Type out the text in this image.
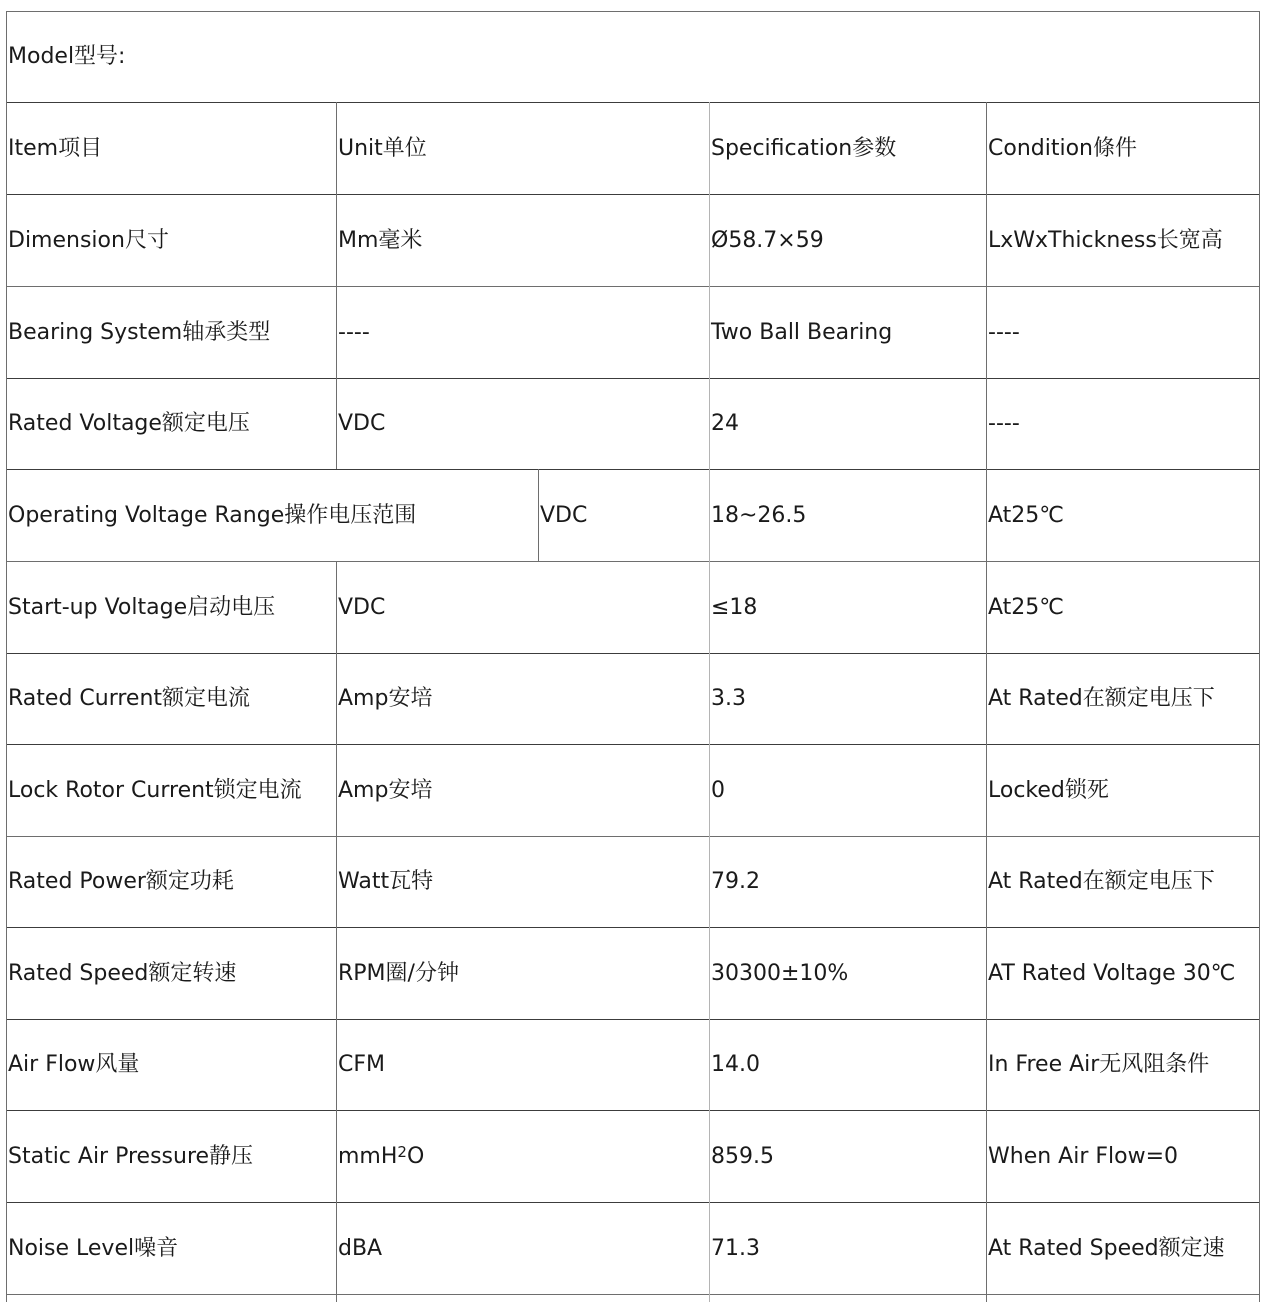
Model型号:
Item项目	Unit单位	Specification参数	Condition條件
Dimension尺寸	Mm毫米	Ø58.7×59	LxWxThickness长宽高
Bearing System轴承类型	----	Two Ball Bearing	----
Rated Voltage额定电压	VDC	24	----
Operating Voltage Range操作电压范围	VDC	18~26.5	At25℃
Start-up Voltage启动电压	VDC	≤18	At25℃
Rated Current额定电流	Amp安培	3.3	At Rated在额定电压下
Lock Rotor Current锁定电流	Amp安培	0	Locked锁死
Rated Power额定功耗	Watt瓦特	79.2	At Rated在额定电压下
Rated Speed额定转速	RPM圈/分钟	30300±10%	AT Rated Voltage 30℃
Air Flow风量	CFM	14.0	In Free Air无风阻条件
Static Air Pressure静压	mmH$^2$ O	859.5	When Air Flow=0
Noise Level噪音	dBA	71.3	At Rated Speed额定速
